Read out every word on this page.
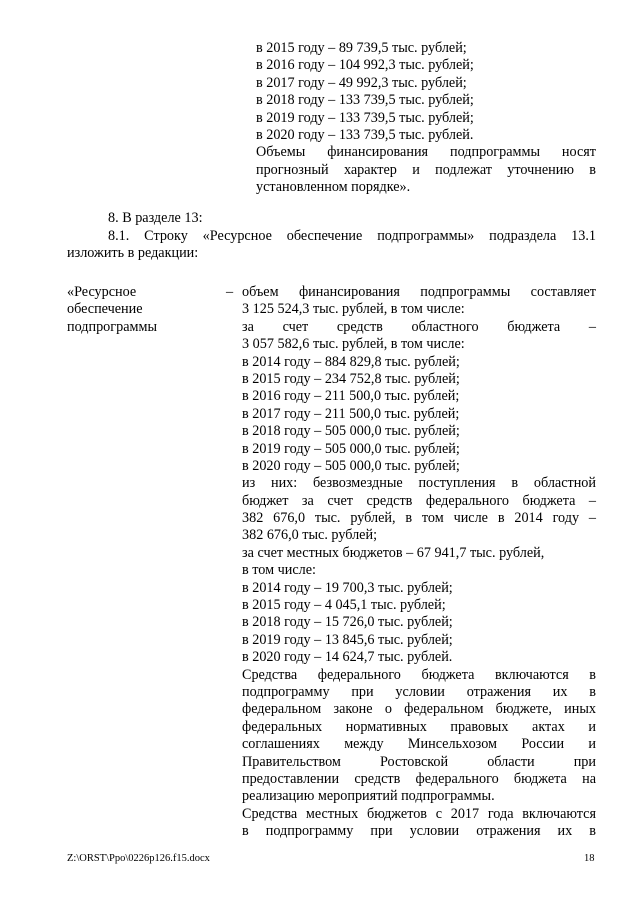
в 2015 году – 89 739,5 тыс. рублей;
в 2016 году – 104 992,3 тыс. рублей;
в 2017 году – 49 992,3 тыс. рублей;
в 2018 году – 133 739,5 тыс. рублей;
в 2019 году – 133 739,5 тыс. рублей;
в 2020 году – 133 739,5 тыс. рублей.
Объемы финансирования подпрограммы носят
прогнозный характер и подлежат уточнению в
установленном порядке».
8. В разделе 13:
8.1. Строку «Ресурсное обеспечение подпрограммы» подраздела 13.1
изложить в редакции:
«Ресурсное
обеспечение
подпрограммы
– объем финансирования подпрограммы составляет
3 125 524,3 тыс. рублей, в том числе:
за счет средств областного бюджета –
3 057 582,6 тыс. рублей, в том числе:
в 2014 году – 884 829,8 тыс. рублей;
в 2015 году – 234 752,8 тыс. рублей;
в 2016 году – 211 500,0 тыс. рублей;
в 2017 году – 211 500,0 тыс. рублей;
в 2018 году – 505 000,0 тыс. рублей;
в 2019 году – 505 000,0 тыс. рублей;
в 2020 году – 505 000,0 тыс. рублей;
из них: безвозмездные поступления в областной
бюджет за счет средств федерального бюджета –
382 676,0 тыс. рублей, в том числе в 2014 году –
382 676,0 тыс. рублей;
за счет местных бюджетов – 67 941,7 тыс. рублей,
в том числе:
в 2014 году – 19 700,3 тыс. рублей;
в 2015 году – 4 045,1 тыс. рублей;
в 2018 году – 15 726,0 тыс. рублей;
в 2019 году – 13 845,6 тыс. рублей;
в 2020 году – 14 624,7 тыс. рублей.
Средства федерального бюджета включаются в
подпрограмму при условии отражения их в
федеральном законе о федеральном бюджете, иных
федеральных нормативных правовых актах и
соглашениях между Минсельхозом России и
Правительством Ростовской области при
предоставлении средств федерального бюджета на
реализацию мероприятий подпрограммы.
Средства местных бюджетов с 2017 года включаются
в подпрограмму при условии отражения их в
Z:\ORST\Ppo\0226p126.f15.docx	18
